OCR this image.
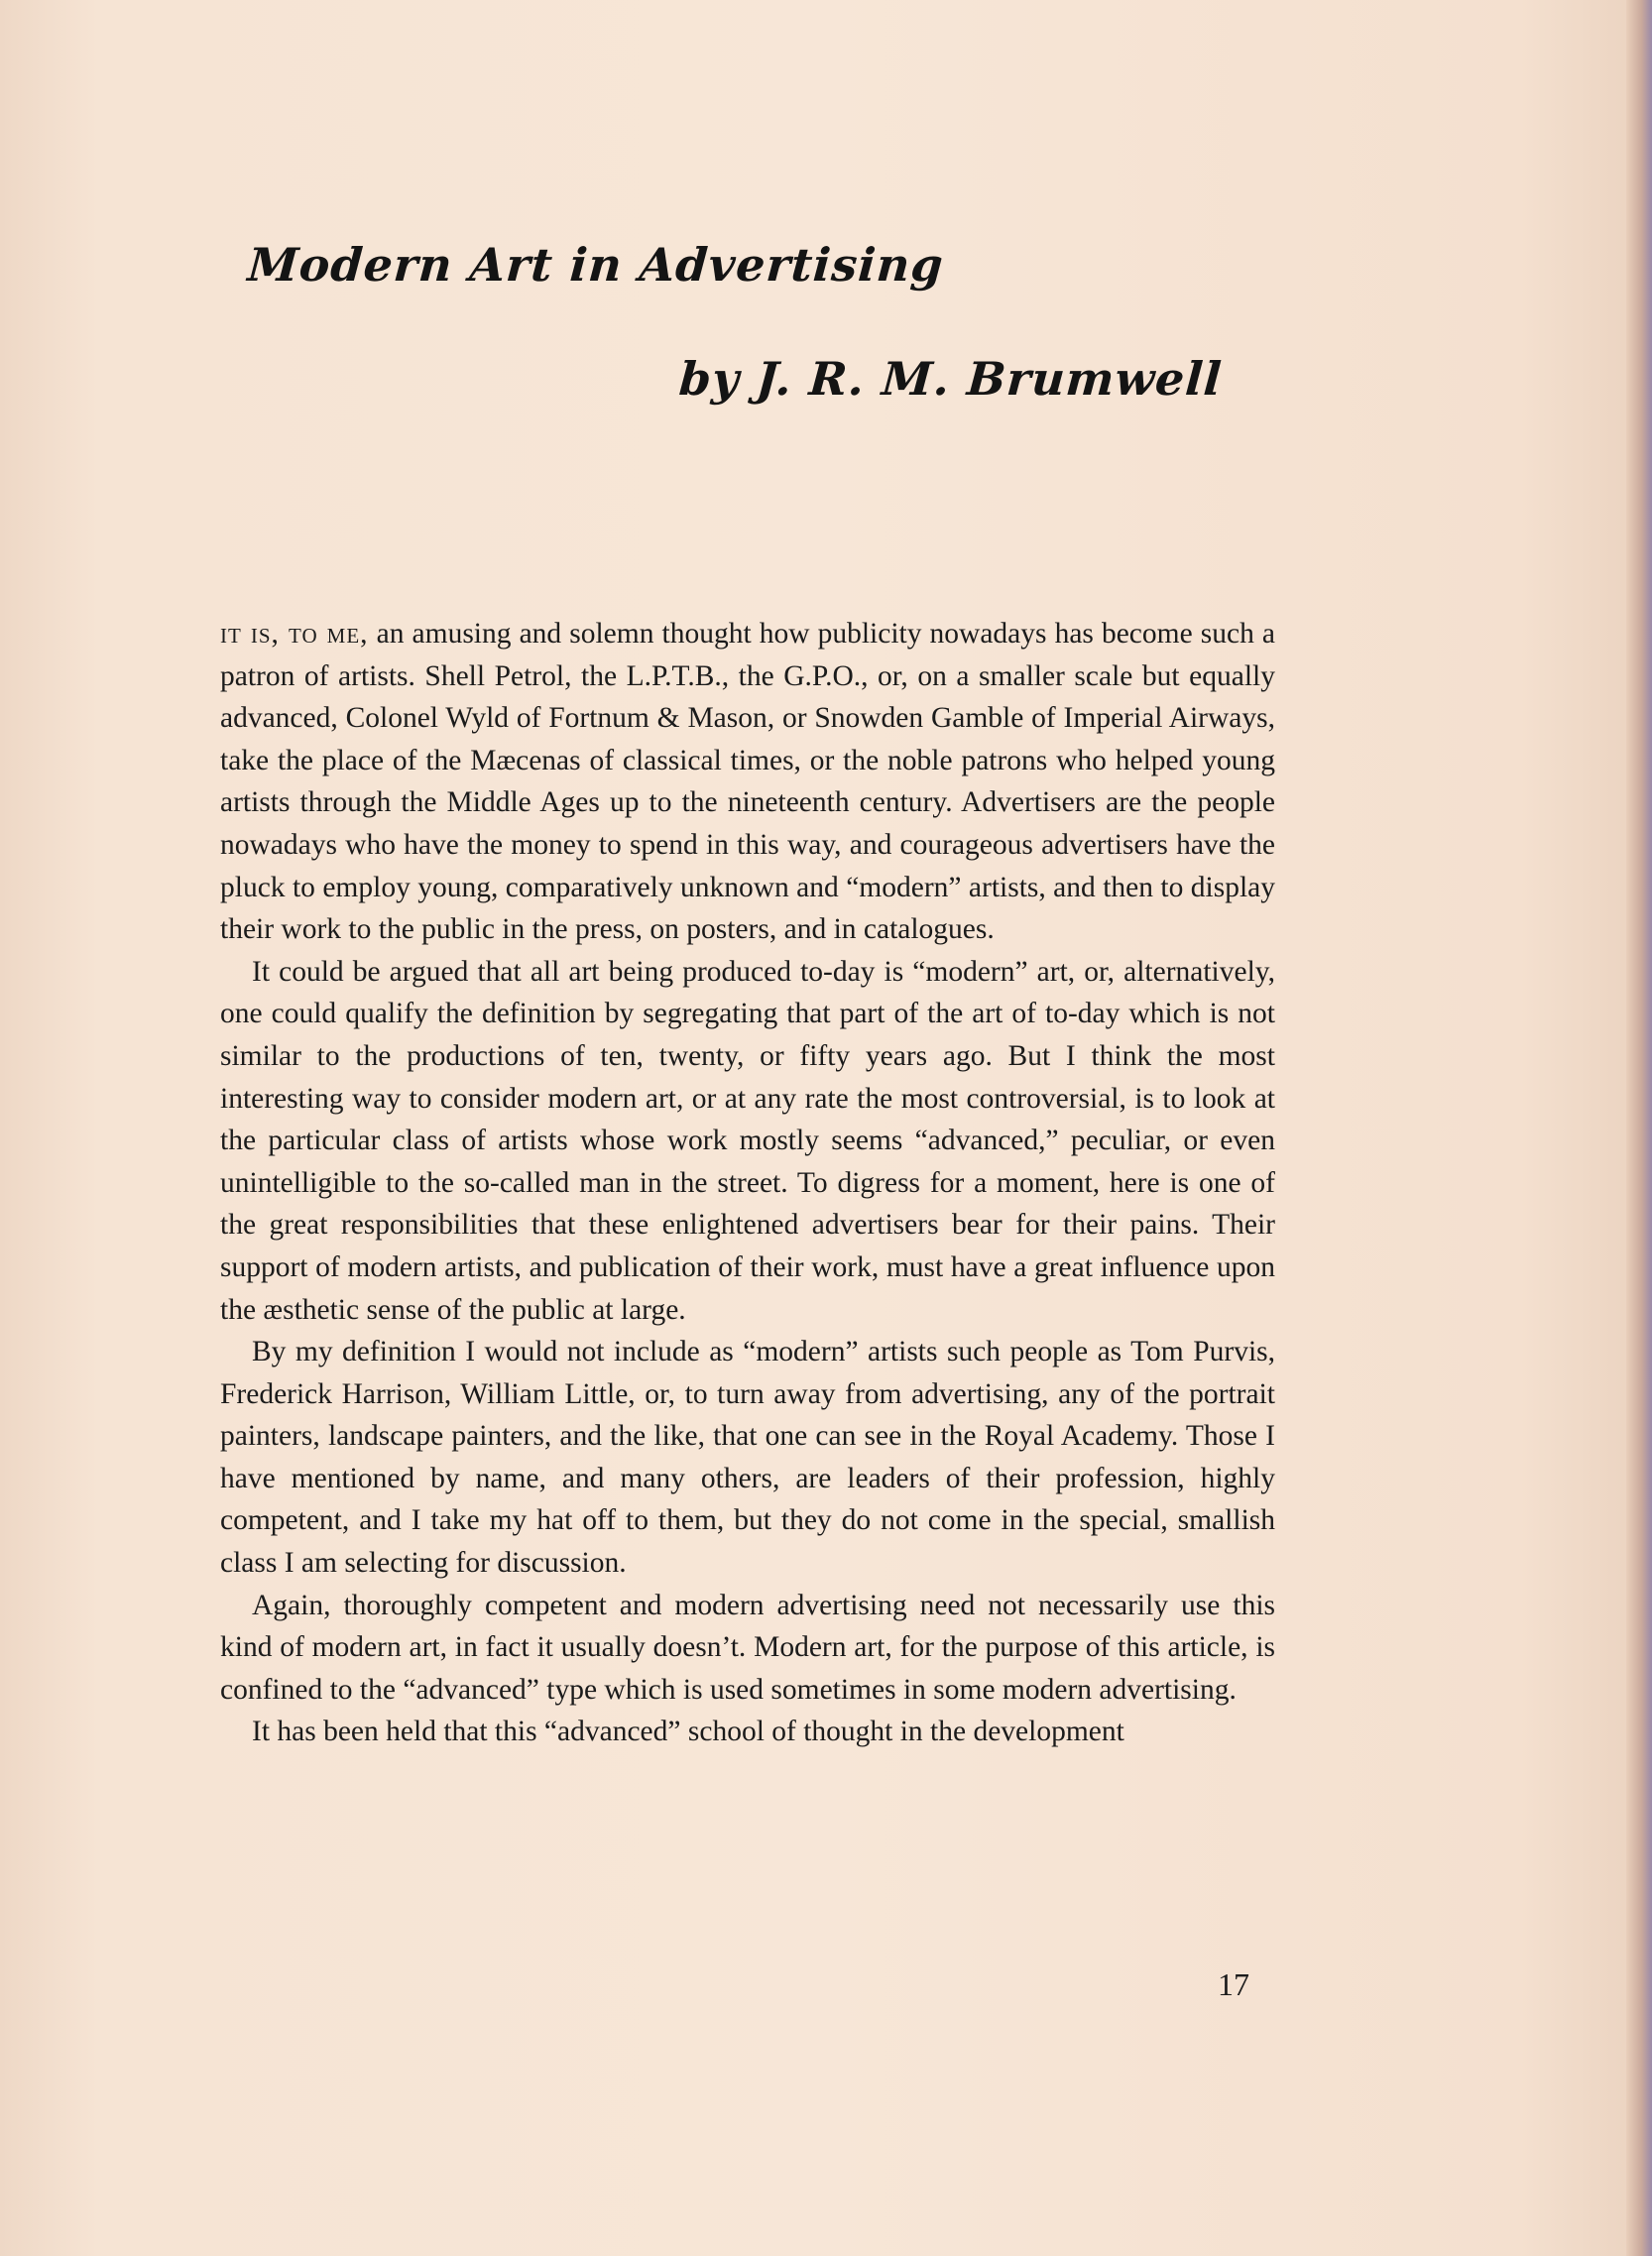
Modern Art in Advertising
by J. R. M. Brumwell

it is, to me, an amusing and solemn thought how publicity nowadays has become such a patron of artists. Shell Petrol, the L.P.T.B., the G.P.O., or, on a smaller scale but equally advanced, Colonel Wyld of Fortnum & Mason, or Snowden Gamble of Imperial Airways, take the place of the Mæcenas of classical times, or the noble patrons who helped young artists through the Middle Ages up to the nineteenth century. Advertisers are the people nowadays who have the money to spend in this way, and courageous advertisers have the pluck to employ young, comparatively unknown and “modern” artists, and then to display their work to the public in the press, on posters, and in catalogues.

It could be argued that all art being produced to-day is “modern” art, or, alternatively, one could qualify the definition by segregating that part of the art of to-day which is not similar to the productions of ten, twenty, or fifty years ago. But I think the most interesting way to consider modern art, or at any rate the most controversial, is to look at the particular class of artists whose work mostly seems “advanced,” peculiar, or even unintelligible to the so-called man in the street. To digress for a moment, here is one of the great responsibilities that these enlightened advertisers bear for their pains. Their support of modern artists, and publication of their work, must have a great influence upon the æsthetic sense of the public at large.

By my definition I would not include as “modern” artists such people as Tom Purvis, Frederick Harrison, William Little, or, to turn away from advertising, any of the portrait painters, landscape painters, and the like, that one can see in the Royal Academy. Those I have mentioned by name, and many others, are leaders of their profession, highly competent, and I take my hat off to them, but they do not come in the special, smallish class I am selecting for discussion.

Again, thoroughly competent and modern advertising need not necessarily use this kind of modern art, in fact it usually doesn’t. Modern art, for the purpose of this article, is confined to the “advanced” type which is used sometimes in some modern advertising.

It has been held that this “advanced” school of thought in the development

17
